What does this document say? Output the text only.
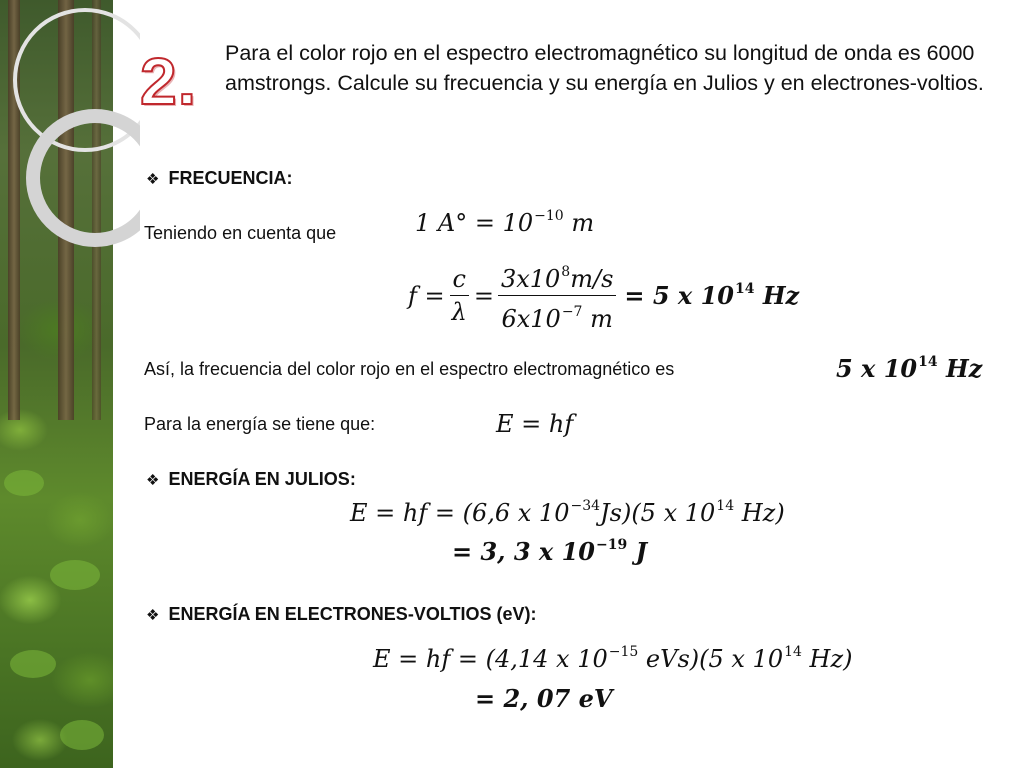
2. Para el color rojo en el espectro electromagnético su longitud de onda es 6000 amstrongs. Calcule su frecuencia y su energía en Julios y en electrones-voltios.
❖ FRECUENCIA:
Teniendo en cuenta que	1 $A^\circ = 10^{-10}$ m
$f = \frac{c}{\lambda} = \frac{3x10^8m/s}{6x10^{-7} m} = 5$ x $10^{14}$ Hz
Así, la frecuencia del color rojo en el espectro electromagnético es	5 x $10^{14}$ Hz
Para la energía se tiene que:	E = hf
❖ ENERGÍA EN JULIOS:
E = hf = (6,6 x $10^{-34}Js)(5$ x $10^{14}$ Hz)
= 3, 3 x $10^{-19}$ J
❖ ENERGÍA EN ELECTRONES-VOLTIOS (eV):
E = hf = (4,14 x $10^{-15}$ eVs)(5 x $10^{14}$ Hz)
= 2, 07 eV
